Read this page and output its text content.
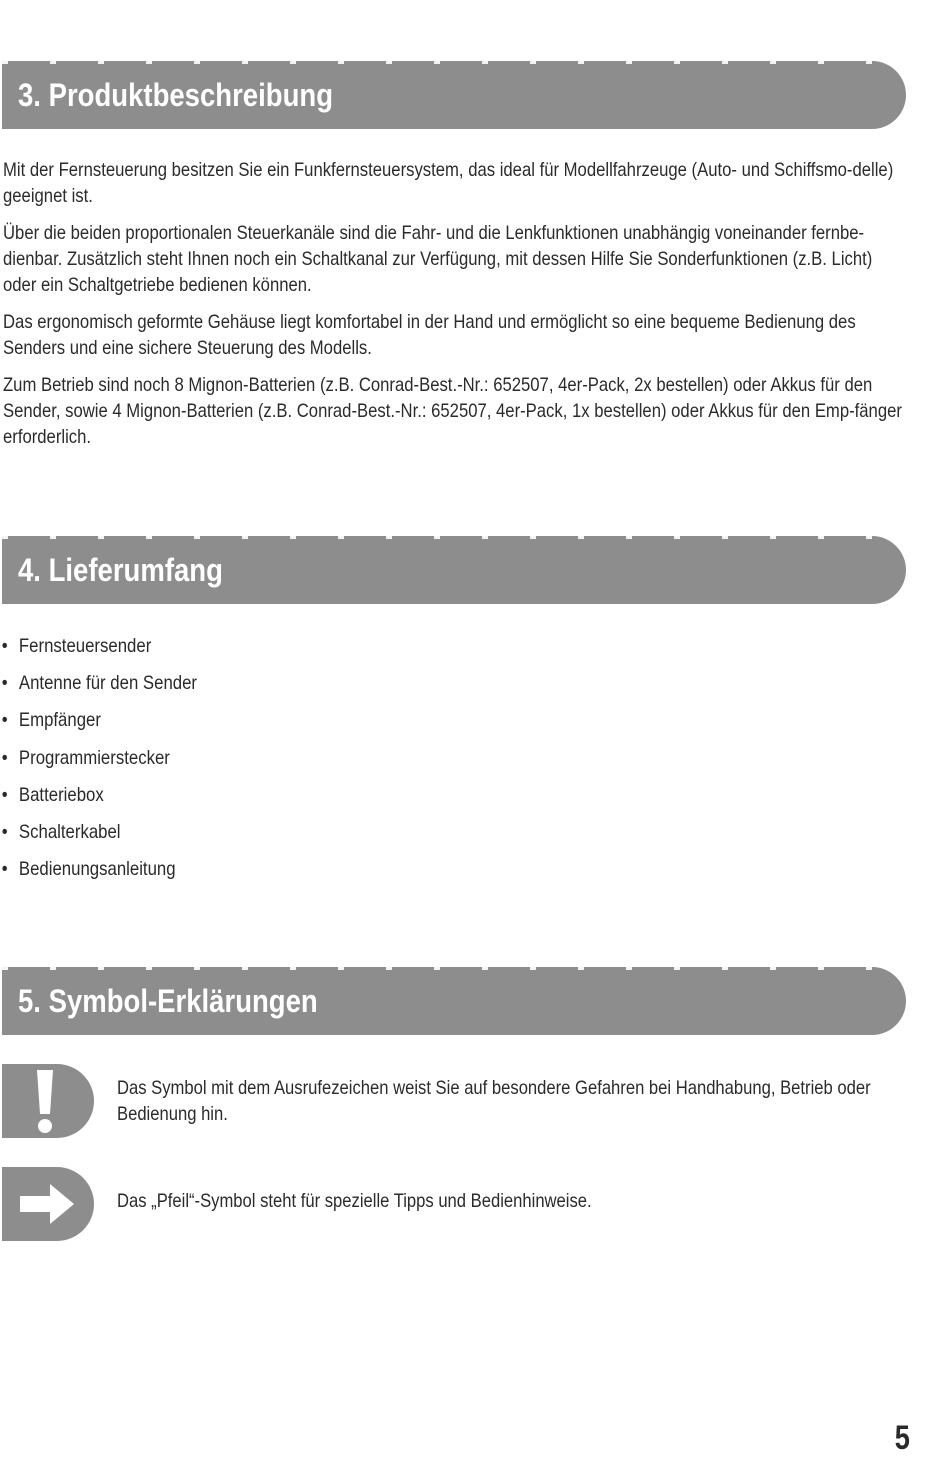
3. Produktbeschreibung

Mit der Fernsteuerung besitzen Sie ein Funkfernsteuersystem, das ideal für Modellfahrzeuge (Auto- und Schiffsmo-delle) geeignet ist.

Über die beiden proportionalen Steuerkanäle sind die Fahr- und die Lenkfunktionen unabhängig voneinander fernbe-dienbar. Zusätzlich steht Ihnen noch ein Schaltkanal zur Verfügung, mit dessen Hilfe Sie Sonderfunktionen (z.B. Licht) oder ein Schaltgetriebe bedienen können.

Das ergonomisch geformte Gehäuse liegt komfortabel in der Hand und ermöglicht so eine bequeme Bedienung des Senders und eine sichere Steuerung des Modells.

Zum Betrieb sind noch 8 Mignon-Batterien (z.B. Conrad-Best.-Nr.: 652507, 4er-Pack, 2x bestellen) oder Akkus für den Sender, sowie 4 Mignon-Batterien (z.B. Conrad-Best.-Nr.: 652507, 4er-Pack, 1x bestellen) oder Akkus für den Emp-fänger erforderlich.

4. Lieferumfang
• Fernsteuersender
• Antenne für den Sender
• Empfänger
• Programmierstecker
• Batteriebox
• Schalterkabel
• Bedienungsanleitung
5. Symbol-Erklärungen

Das Symbol mit dem Ausrufezeichen weist Sie auf besondere Gefahren bei Handhabung, Betrieb oder Bedienung hin.

Das „Pfeil“-Symbol steht für spezielle Tipps und Bedienhinweise.

5
